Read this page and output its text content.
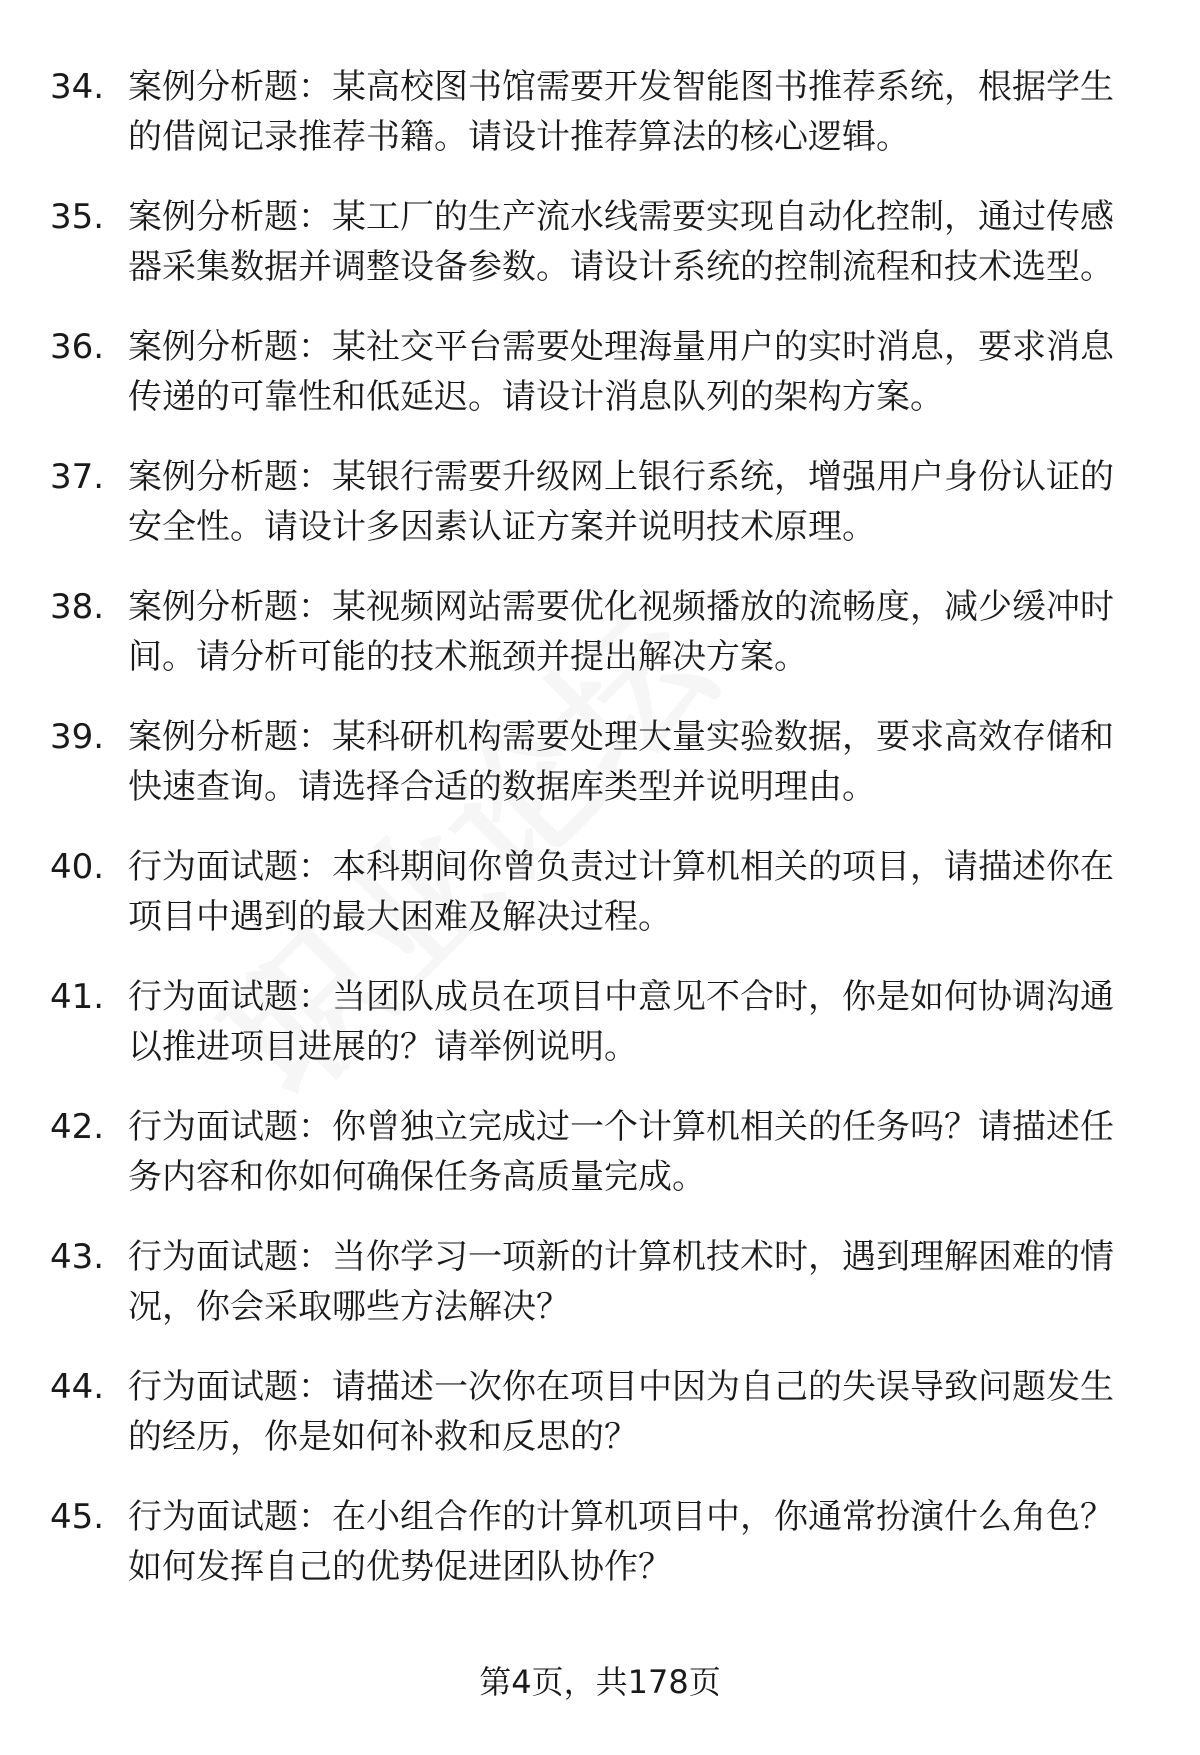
34. 案例分析题：某高校图书馆需要开发智能图书推荐系统，根据学生的借阅记录推荐书籍。请设计推荐算法的核心逻辑。
35. 案例分析题：某工厂的生产流水线需要实现自动化控制，通过传感器采集数据并调整设备参数。请设计系统的控制流程和技术选型。
36. 案例分析题：某社交平台需要处理海量用户的实时消息，要求消息传递的可靠性和低延迟。请设计消息队列的架构方案。
37. 案例分析题：某银行需要升级网上银行系统，增强用户身份认证的安全性。请设计多因素认证方案并说明技术原理。
38. 案例分析题：某视频网站需要优化视频播放的流畅度，减少缓冲时间。请分析可能的技术瓶颈并提出解决方案。
39. 案例分析题：某科研机构需要处理大量实验数据，要求高效存储和快速查询。请选择合适的数据库类型并说明理由。
40. 行为面试题：本科期间你曾负责过计算机相关的项目，请描述你在项目中遇到的最大困难及解决过程。
41. 行为面试题：当团队成员在项目中意见不合时，你是如何协调沟通以推进项目进展的？请举例说明。
42. 行为面试题：你曾独立完成过一个计算机相关的任务吗？请描述任务内容和你如何确保任务高质量完成。
43. 行为面试题：当你学习一项新的计算机技术时，遇到理解困难的情况，你会采取哪些方法解决？
44. 行为面试题：请描述一次你在项目中因为自己的失误导致问题发生的经历，你是如何补救和反思的？
45. 行为面试题：在小组合作的计算机项目中，你通常扮演什么角色？如何发挥自己的优势促进团队协作？
第4页，共178页
